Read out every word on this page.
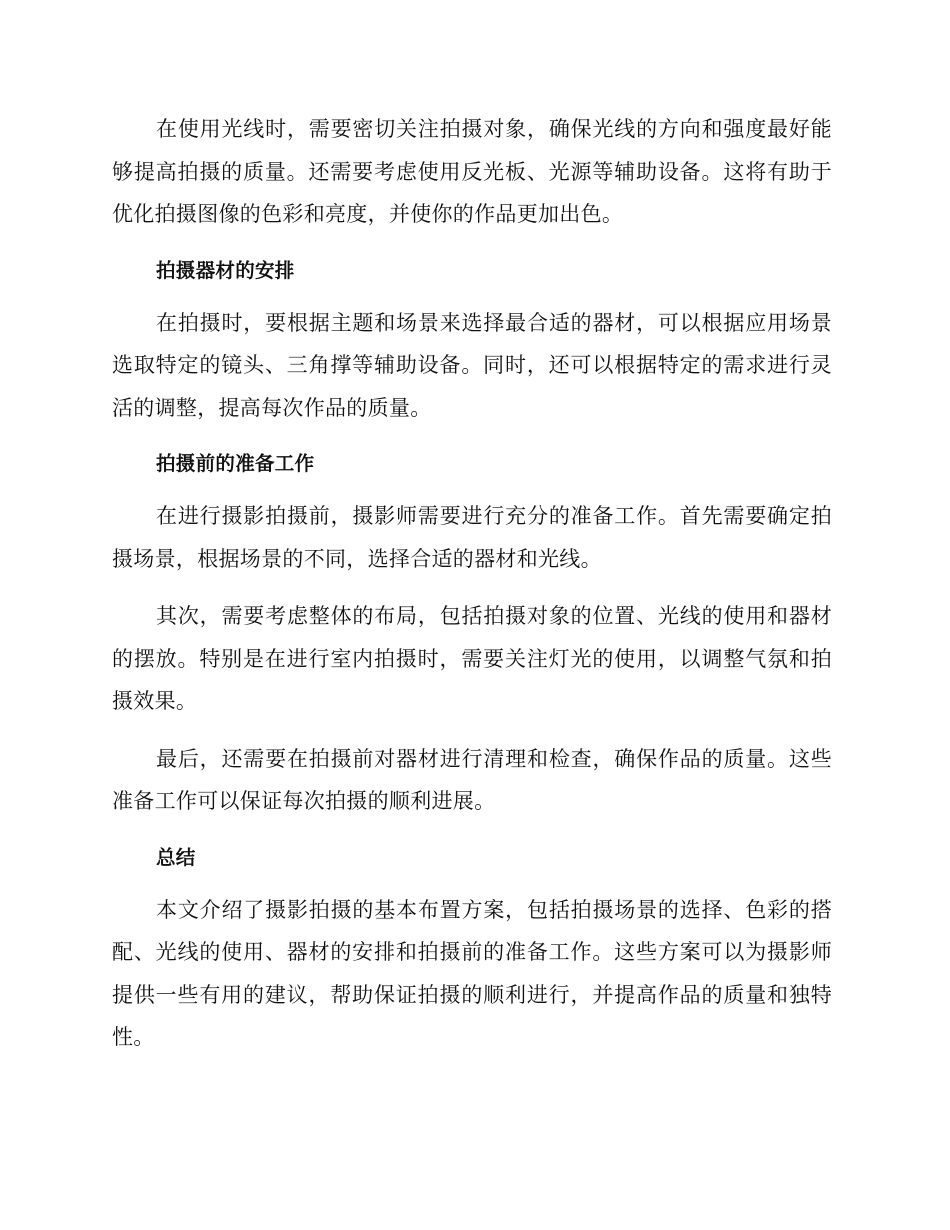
在使用光线时，需要密切关注拍摄对象，确保光线的方向和强度最好能够提高拍摄的质量。还需要考虑使用反光板、光源等辅助设备。这将有助于优化拍摄图像的色彩和亮度，并使你的作品更加出色。

拍摄器材的安排

在拍摄时，要根据主题和场景来选择最合适的器材，可以根据应用场景选取特定的镜头、三角撑等辅助设备。同时，还可以根据特定的需求进行灵活的调整，提高每次作品的质量。

拍摄前的准备工作

在进行摄影拍摄前，摄影师需要进行充分的准备工作。首先需要确定拍摄场景，根据场景的不同，选择合适的器材和光线。

其次，需要考虑整体的布局，包括拍摄对象的位置、光线的使用和器材的摆放。特别是在进行室内拍摄时，需要关注灯光的使用，以调整气氛和拍摄效果。

最后，还需要在拍摄前对器材进行清理和检查，确保作品的质量。这些准备工作可以保证每次拍摄的顺利进展。

总结

本文介绍了摄影拍摄的基本布置方案，包括拍摄场景的选择、色彩的搭配、光线的使用、器材的安排和拍摄前的准备工作。这些方案可以为摄影师提供一些有用的建议，帮助保证拍摄的顺利进行，并提高作品的质量和独特性。
